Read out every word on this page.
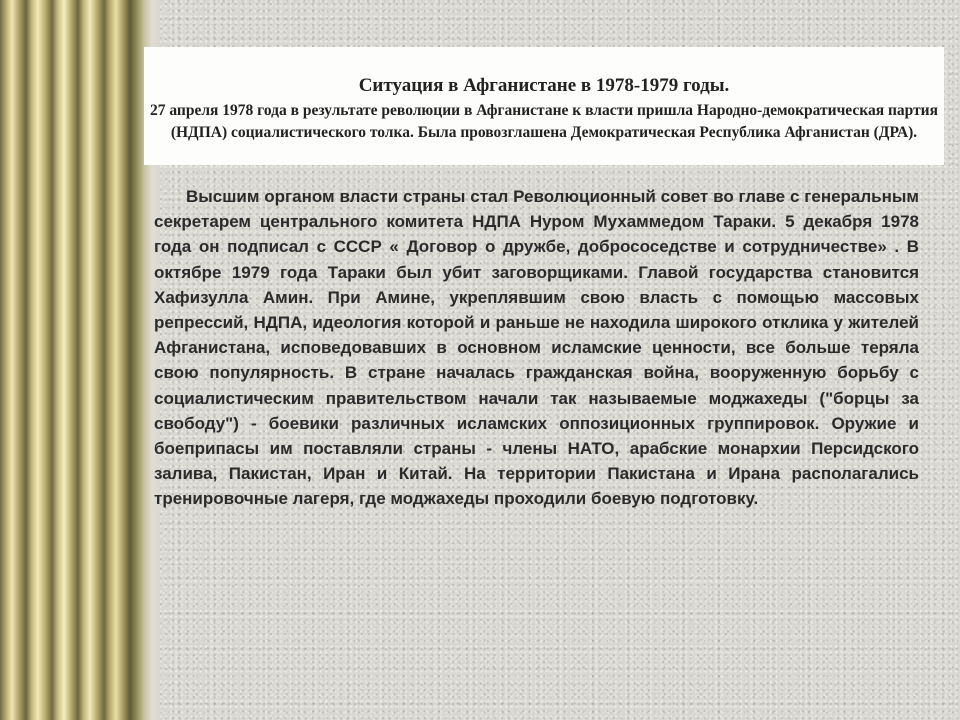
Ситуация в Афганистане в 1978-1979 годы.
27 апреля 1978 года в результате революции в Афганистане к власти пришла Народно-демократическая партия (НДПА) социалистического толка. Была провозглашена Демократическая Республика Афганистан (ДРА).

Высшим органом власти страны стал Революционный совет во главе с генеральным секретарем центрального комитета НДПА Нуром Мухаммедом Тараки. 5 декабря 1978 года он подписал с СССР « Договор о дружбе, добрососедстве и сотрудничестве» . В октябре 1979 года Тараки был убит заговорщиками. Главой государства становится Хафизулла Амин. При Амине, укреплявшим свою власть с помощью массовых репрессий, НДПА, идеология которой и раньше не находила широкого отклика у жителей Афганистана, исповедовавших в основном исламские ценности, все больше теряла свою популярность. В стране началась гражданская война, вооруженную борьбу с социалистическим правительством начали так называемые моджахеды ("борцы за свободу") - боевики различных исламских оппозиционных группировок. Оружие и боеприпасы им поставляли страны - члены НАТО, арабские монархии Персидского залива, Пакистан, Иран и Китай. На территории Пакистана и Ирана располагались тренировочные лагеря, где моджахеды проходили боевую подготовку.
